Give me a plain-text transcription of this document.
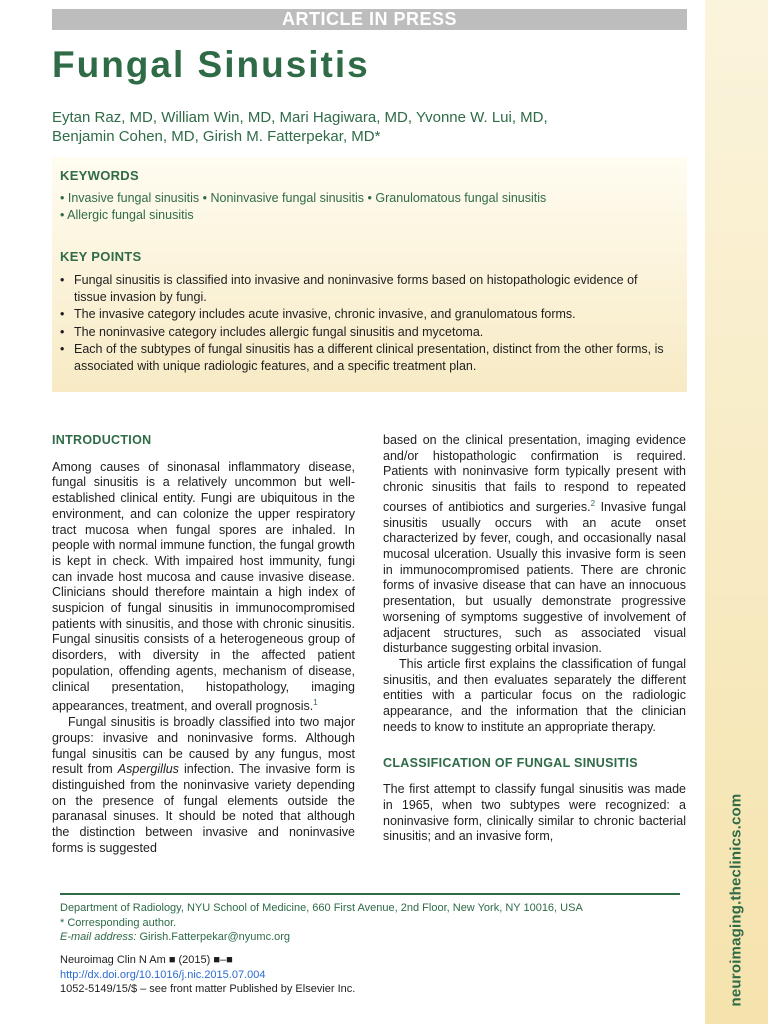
neuroimaging.theclinics.com
ARTICLE IN PRESS
Fungal Sinusitis
Eytan Raz, MD, William Win, MD, Mari Hagiwara, MD, Yvonne W. Lui, MD,
Benjamin Cohen, MD, Girish M. Fatterpekar, MD*
KEYWORDS
• Invasive fungal sinusitis • Noninvasive fungal sinusitis • Granulomatous fungal sinusitis
• Allergic fungal sinusitis
KEY POINTS
• Fungal sinusitis is classified into invasive and noninvasive forms based on histopathologic evidence of tissue invasion by fungi.
• The invasive category includes acute invasive, chronic invasive, and granulomatous forms.
• The noninvasive category includes allergic fungal sinusitis and mycetoma.
• Each of the subtypes of fungal sinusitis has a different clinical presentation, distinct from the other forms, is associated with unique radiologic features, and a specific treatment plan.
INTRODUCTION

Among causes of sinonasal inflammatory disease, fungal sinusitis is a relatively uncommon but well-established clinical entity. Fungi are ubiquitous in the environment, and can colonize the upper respiratory tract mucosa when fungal spores are inhaled. In people with normal immune function, the fungal growth is kept in check. With impaired host immunity, fungi can invade host mucosa and cause invasive disease. Clinicians should therefore maintain a high index of suspicion of fungal sinusitis in immunocompromised patients with sinusitis, and those with chronic sinusitis. Fungal sinusitis consists of a heterogeneous group of disorders, with diversity in the affected patient population, offending agents, mechanism of disease, clinical presentation, histopathology, imaging appearances, treatment, and overall prognosis.$^1$

Fungal sinusitis is broadly classified into two major groups: invasive and noninvasive forms. Although fungal sinusitis can be caused by any fungus, most result from Aspergillus infection. The invasive form is distinguished from the noninvasive variety depending on the presence of fungal elements outside the paranasal sinuses. It should be noted that although the distinction between invasive and noninvasive forms is suggested

based on the clinical presentation, imaging evidence and/or histopathologic confirmation is required. Patients with noninvasive form typically present with chronic sinusitis that fails to respond to repeated courses of antibiotics and surgeries.$^2$ Invasive fungal sinusitis usually occurs with an acute onset characterized by fever, cough, and occasionally nasal mucosal ulceration. Usually this invasive form is seen in immunocompromised patients. There are chronic forms of invasive disease that can have an innocuous presentation, but usually demonstrate progressive worsening of symptoms suggestive of involvement of adjacent structures, such as associated visual disturbance suggesting orbital invasion.

This article first explains the classification of fungal sinusitis, and then evaluates separately the different entities with a particular focus on the radiologic appearance, and the information that the clinician needs to know to institute an appropriate therapy.

CLASSIFICATION OF FUNGAL SINUSITIS

The first attempt to classify fungal sinusitis was made in 1965, when two subtypes were recognized: a noninvasive form, clinically similar to chronic bacterial sinusitis; and an invasive form,

Department of Radiology, NYU School of Medicine, 660 First Avenue, 2nd Floor, New York, NY 10016, USA
* Corresponding author.
E-mail address: Girish.Fatterpekar@nyumc.org
Neuroimag Clin N Am ■ (2015) ■–■
http://dx.doi.org/10.1016/j.nic.2015.07.004
1052-5149/15/$ – see front matter Published by Elsevier Inc.
